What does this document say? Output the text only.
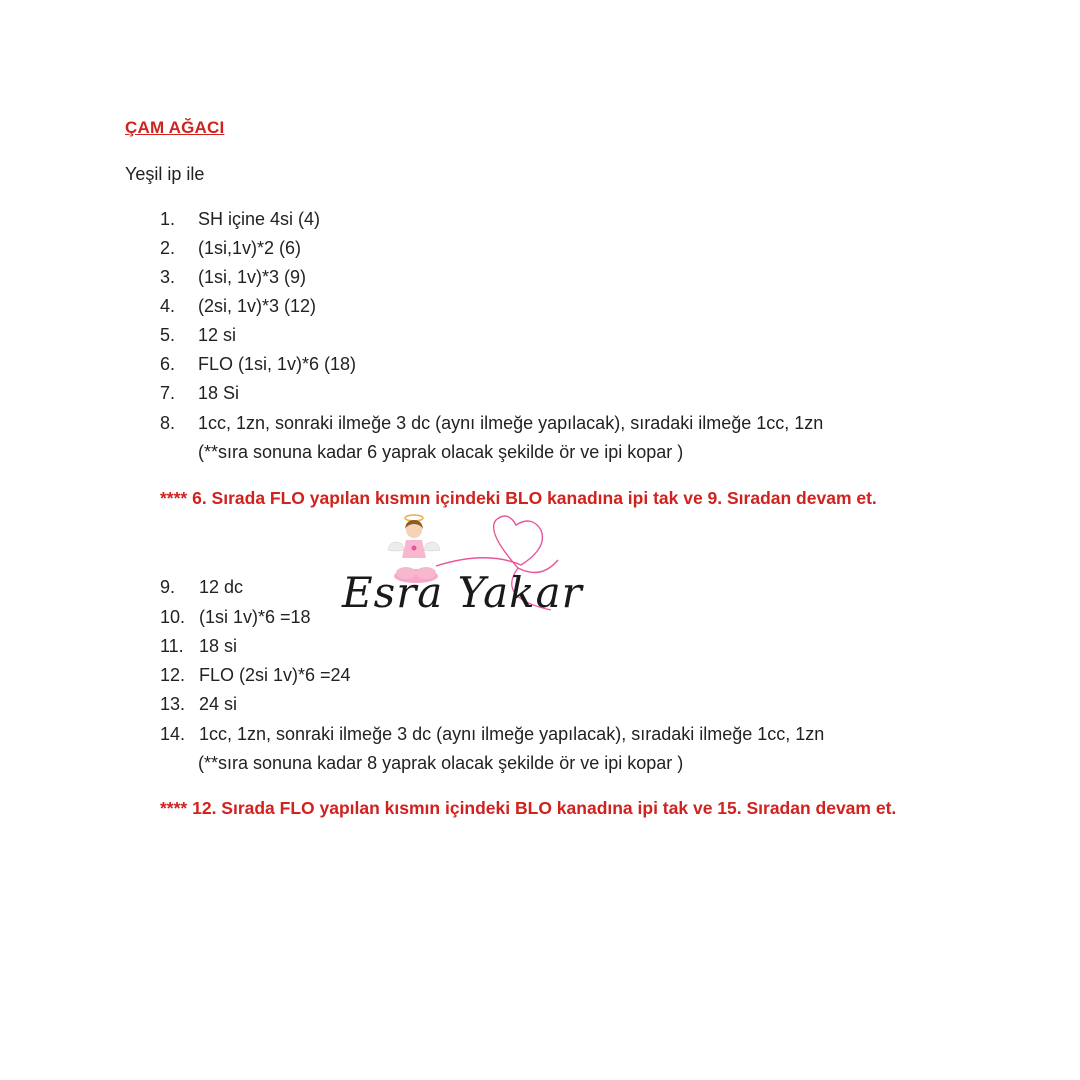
ÇAM AĞACI
Yeşil ip ile
1. SH içine 4si (4)
2. (1si,1v)*2 (6)
3. (1si, 1v)*3 (9)
4. (2si, 1v)*3 (12)
5. 12 si
6. FLO (1si, 1v)*6 (18)
7. 18 Si
8. 1cc, 1zn, sonraki ilmeğe 3 dc (aynı ilmeğe yapılacak), sıradaki ilmeğe 1cc, 1zn
(**sıra sonuna kadar 6 yaprak olacak şekilde ör ve ipi kopar )
**** 6. Sırada FLO yapılan kısmın içindeki BLO kanadına ipi tak ve 9. Sıradan devam et.
Esra Yakar
9. 12 dc
10. (1si 1v)*6 =18
11. 18 si
12. FLO (2si 1v)*6 =24
13. 24 si
14. 1cc, 1zn, sonraki ilmeğe 3 dc (aynı ilmeğe yapılacak), sıradaki ilmeğe 1cc, 1zn
(**sıra sonuna kadar 8 yaprak olacak şekilde ör ve ipi kopar )
**** 12. Sırada FLO yapılan kısmın içindeki BLO kanadına ipi tak ve 15. Sıradan devam et.
